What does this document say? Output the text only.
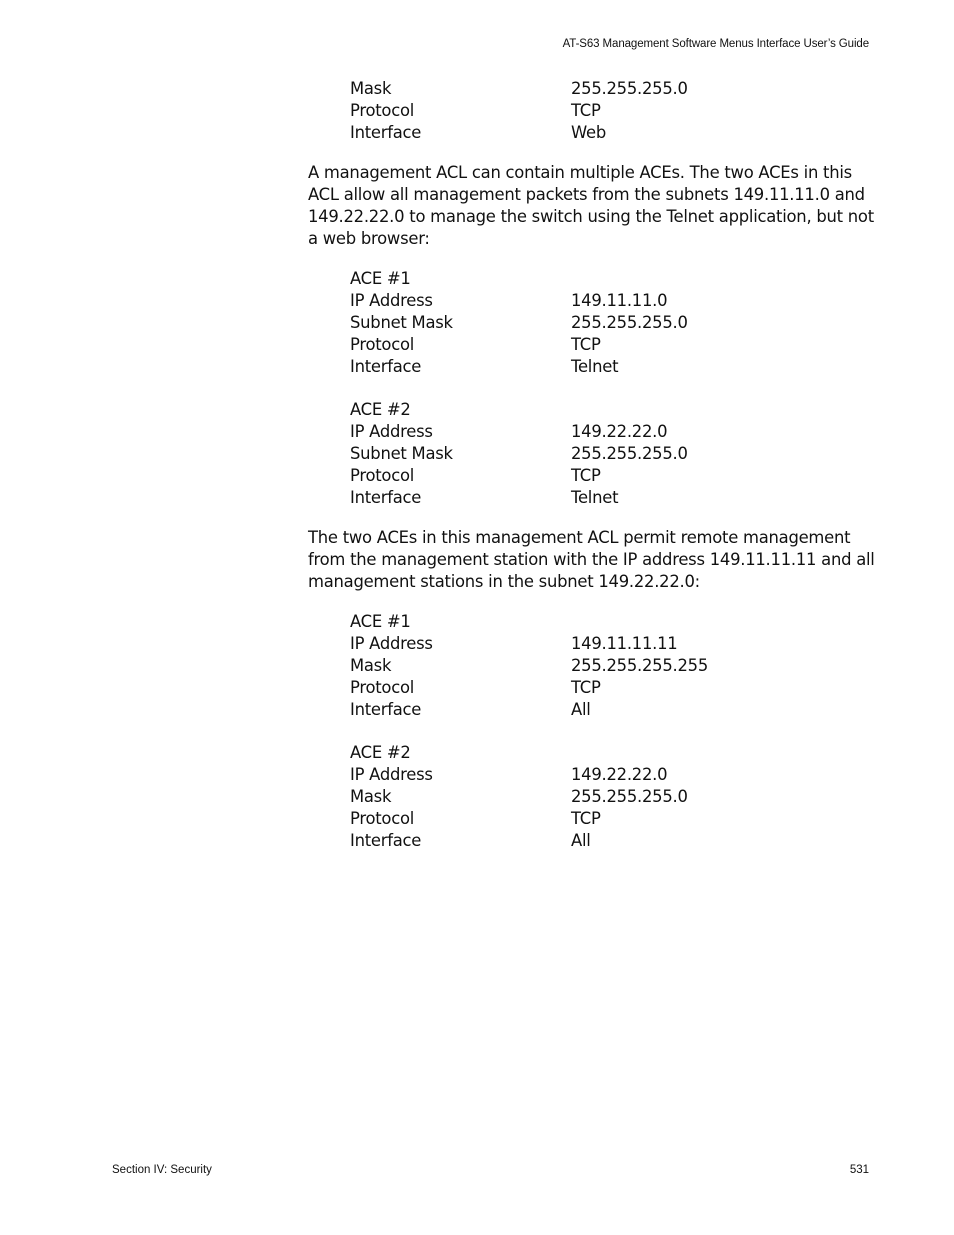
AT-S63 Management Software Menus Interface User’s Guide
Mask	255.255.255.0
Protocol	TCP
Interface	Web

A management ACL can contain multiple ACEs. The two ACEs in this ACL allow all management packets from the subnets 149.11.11.0 and 149.22.22.0 to manage the switch using the Telnet application, but not a web browser:

ACE #1
IP Address	149.11.11.0
Subnet Mask	255.255.255.0
Protocol	TCP
Interface	Telnet
ACE #2
IP Address	149.22.22.0
Subnet Mask	255.255.255.0
Protocol	TCP
Interface	Telnet

The two ACEs in this management ACL permit remote management from the management station with the IP address 149.11.11.11 and all management stations in the subnet 149.22.22.0:

ACE #1
IP Address	149.11.11.11
Mask	255.255.255.255
Protocol	TCP
Interface	All
ACE #2
IP Address	149.22.22.0
Mask	255.255.255.0
Protocol	TCP
Interface	All
Section IV: Security	531
